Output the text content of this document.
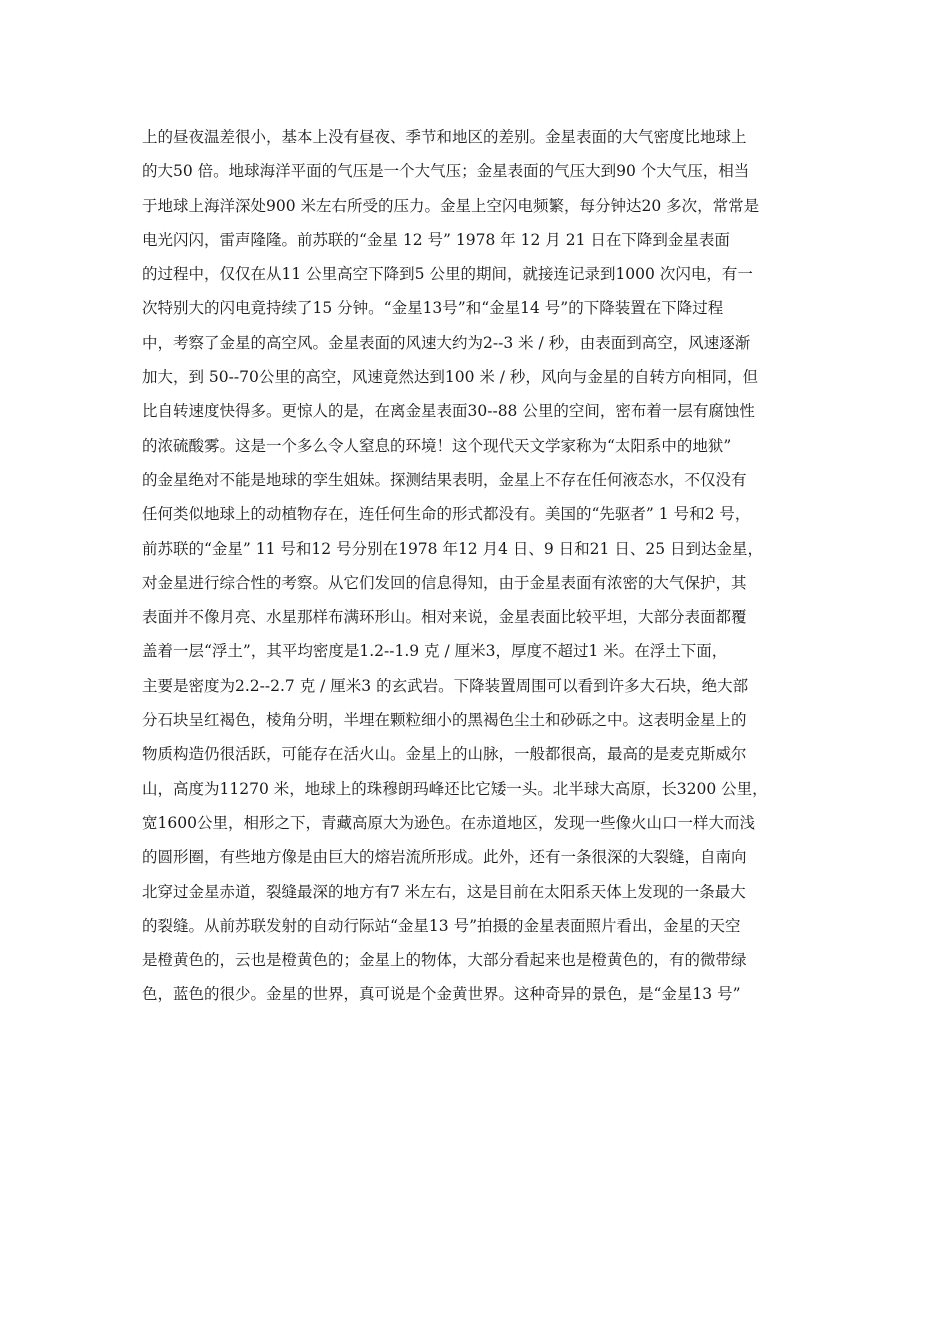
上的昼夜温差很小，基本上没有昼夜、季节和地区的差别。金星表面的大气密度比地球上
的大50 倍。地球海洋平面的气压是一个大气压；金星表面的气压大到90 个大气压，相当
于地球上海洋深处900 米左右所受的压力。金星上空闪电频繁，每分钟达20 多次，常常是
电光闪闪，雷声隆隆。前苏联的“金星 12 号” 1978 年 12 月 21 日在下降到金星表面
的过程中，仅仅在从11 公里高空下降到5 公里的期间，就接连记录到1000 次闪电，有一
次特别大的闪电竟持续了15 分钟。“金星13号”和“金星14 号”的下降装置在下降过程
中，考察了金星的高空风。金星表面的风速大约为2--3 米 / 秒，由表面到高空，风速逐渐
加大，到 50--70公里的高空，风速竟然达到100 米 / 秒，风向与金星的自转方向相同，但
比自转速度快得多。更惊人的是，在离金星表面30--88 公里的空间，密布着一层有腐蚀性
的浓硫酸雾。这是一个多么令人窒息的环境！这个现代天文学家称为“太阳系中的地狱”
的金星绝对不能是地球的孪生姐妹。探测结果表明，金星上不存在任何液态水，不仅没有
任何类似地球上的动植物存在，连任何生命的形式都没有。美国的“先驱者” 1 号和2 号，
前苏联的“金星” 11 号和12 号分别在1978 年12 月4 日、9 日和21 日、25 日到达金星，
对金星进行综合性的考察。从它们发回的信息得知，由于金星表面有浓密的大气保护，其
表面并不像月亮、水星那样布满环形山。相对来说，金星表面比较平坦，大部分表面都覆
盖着一层“浮土”，其平均密度是1.2--1.9 克 / 厘米3，厚度不超过1 米。在浮土下面，
主要是密度为2.2--2.7 克 / 厘米3 的玄武岩。下降装置周围可以看到许多大石块，绝大部
分石块呈红褐色，棱角分明，半埋在颗粒细小的黑褐色尘土和砂砾之中。这表明金星上的
物质构造仍很活跃，可能存在活火山。金星上的山脉，一般都很高，最高的是麦克斯威尔
山，高度为11270 米，地球上的珠穆朗玛峰还比它矮一头。北半球大高原，长3200 公里，
宽1600公里，相形之下，青藏高原大为逊色。在赤道地区，发现一些像火山口一样大而浅
的圆形圈，有些地方像是由巨大的熔岩流所形成。此外，还有一条很深的大裂缝，自南向
北穿过金星赤道，裂缝最深的地方有7 米左右，这是目前在太阳系天体上发现的一条最大
的裂缝。从前苏联发射的自动行际站“金星13 号”拍摄的金星表面照片看出，金星的天空
是橙黄色的，云也是橙黄色的；金星上的物体，大部分看起来也是橙黄色的，有的微带绿
色，蓝色的很少。金星的世界，真可说是个金黄世界。这种奇异的景色，是“金星13 号”
